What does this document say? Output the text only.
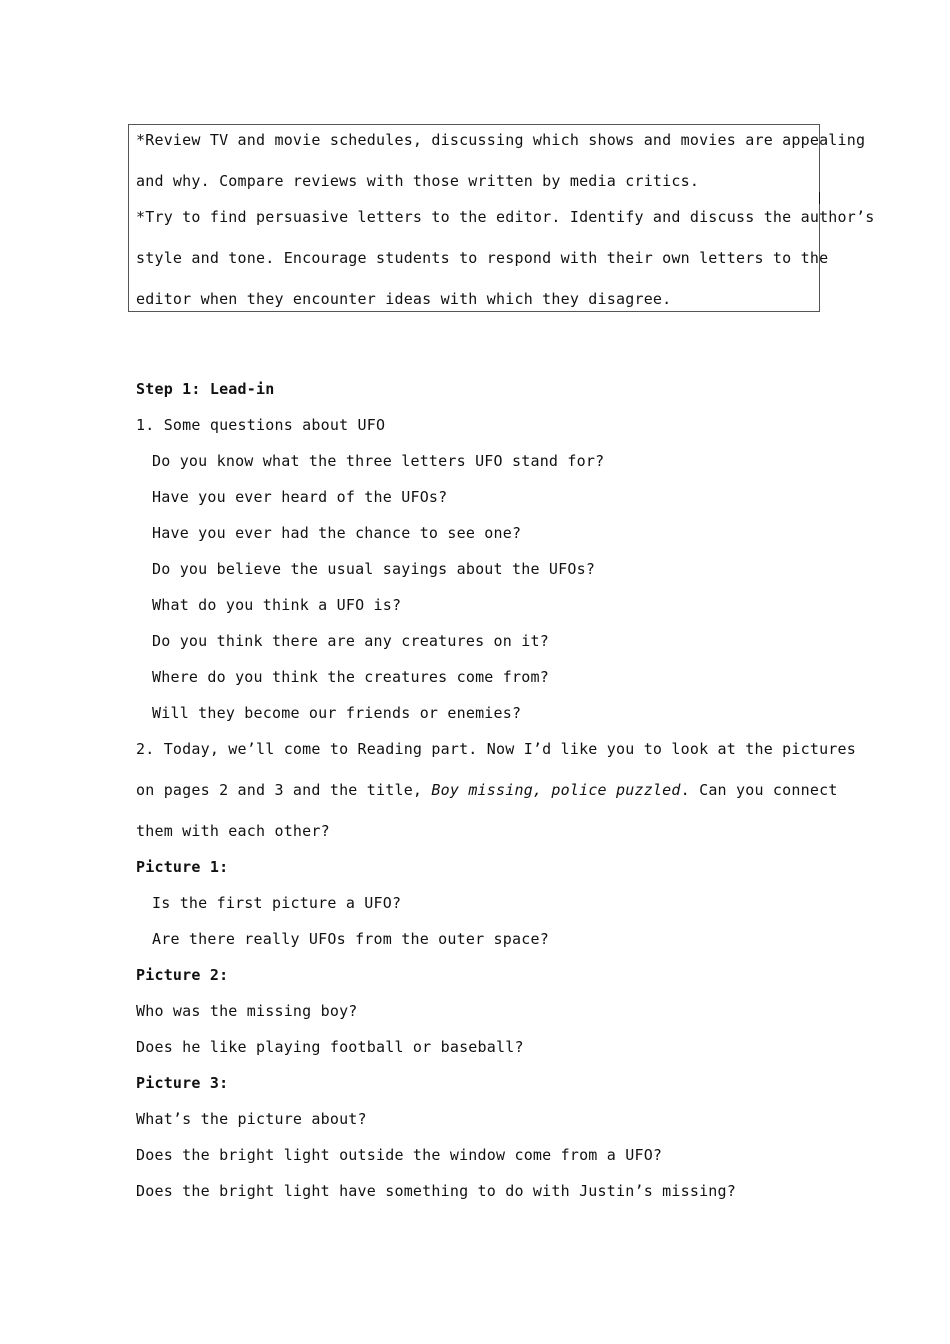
*Review TV and movie schedules, discussing which shows and movies are appealing
and why. Compare reviews with those written by media critics.
*Try to find persuasive letters to the editor. Identify and discuss the author’s
style and tone. Encourage students to respond with their own letters to the
editor when they encounter ideas with which they disagree.
Step 1: Lead-in
1. Some questions about UFO
Do you know what the three letters UFO stand for?
Have you ever heard of the UFOs?
Have you ever had the chance to see one?
Do you believe the usual sayings about the UFOs?
What do you think a UFO is?
Do you think there are any creatures on it?
Where do you think the creatures come from?
Will they become our friends or enemies?
2. Today, we’ll come to Reading part. Now I’d like you to look at the pictures
on pages 2 and 3 and the title, Boy missing, police puzzled. Can you connect
them with each other?
Picture 1:
Is the first picture a UFO?
Are there really UFOs from the outer space?
Picture 2:
Who was the missing boy?
Does he like playing football or baseball?
Picture 3:
What’s the picture about?
Does the bright light outside the window come from a UFO?
Does the bright light have something to do with Justin’s missing?
